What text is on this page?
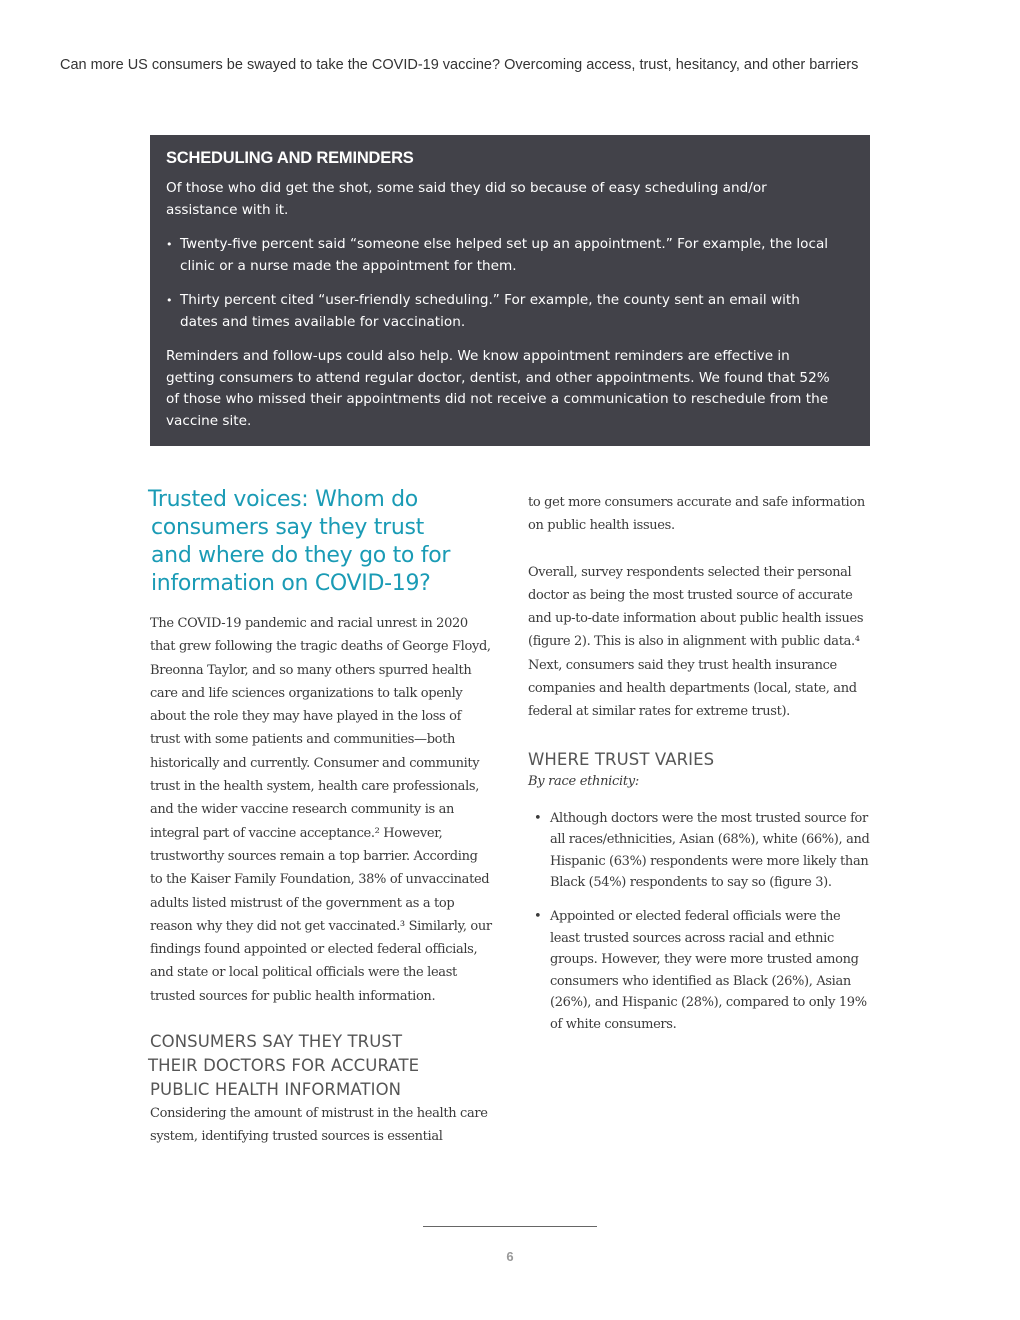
Can more US consumers be swayed to take the COVID-19 vaccine? Overcoming access, trust, hesitancy, and other barriers
SCHEDULING AND REMINDERS

Of those who did get the shot, some said they did so because of easy scheduling and/or assistance with it.

• Twenty-five percent said “someone else helped set up an appointment.” For example, the local clinic or a nurse made the appointment for them.
• Thirty percent cited “user-friendly scheduling.” For example, the county sent an email with dates and times available for vaccination.

Reminders and follow-ups could also help. We know appointment reminders are effective in getting consumers to attend regular doctor, dentist, and other appointments. We found that 52% of those who missed their appointments did not receive a communication to reschedule from the vaccine site.

Trusted voices: Whom do
consumers say they trust
and where do they go to for
information on COVID-19?

The COVID-19 pandemic and racial unrest in 2020 that grew following the tragic deaths of George Floyd, Breonna Taylor, and so many others spurred health care and life sciences organizations to talk openly about the role they may have played in the loss of trust with some patients and communities—both historically and currently. Consumer and community trust in the health system, health care professionals, and the wider vaccine research community is an integral part of vaccine acceptance.² However, trustworthy sources remain a top barrier. According to the Kaiser Family Foundation, 38% of unvaccinated adults listed mistrust of the government as a top reason why they did not get vaccinated.³ Similarly, our findings found appointed or elected federal officials, and state or local political officials were the least trusted sources for public health information.

CONSUMERS SAY THEY TRUST
THEIR DOCTORS FOR ACCURATE
PUBLIC HEALTH INFORMATION

Considering the amount of mistrust in the health care system, identifying trusted sources is essential

to get more consumers accurate and safe information on public health issues.

Overall, survey respondents selected their personal doctor as being the most trusted source of accurate and up-to-date information about public health issues (figure 2). This is also in alignment with public data.⁴ Next, consumers said they trust health insurance companies and health departments (local, state, and federal at similar rates for extreme trust).

WHERE TRUST VARIES

By race ethnicity:

• Although doctors were the most trusted source for all races/ethnicities, Asian (68%), white (66%), and Hispanic (63%) respondents were more likely than Black (54%) respondents to say so (figure 3).
• Appointed or elected federal officials were the least trusted sources across racial and ethnic groups. However, they were more trusted among consumers who identified as Black (26%), Asian (26%), and Hispanic (28%), compared to only 19% of white consumers.
6
